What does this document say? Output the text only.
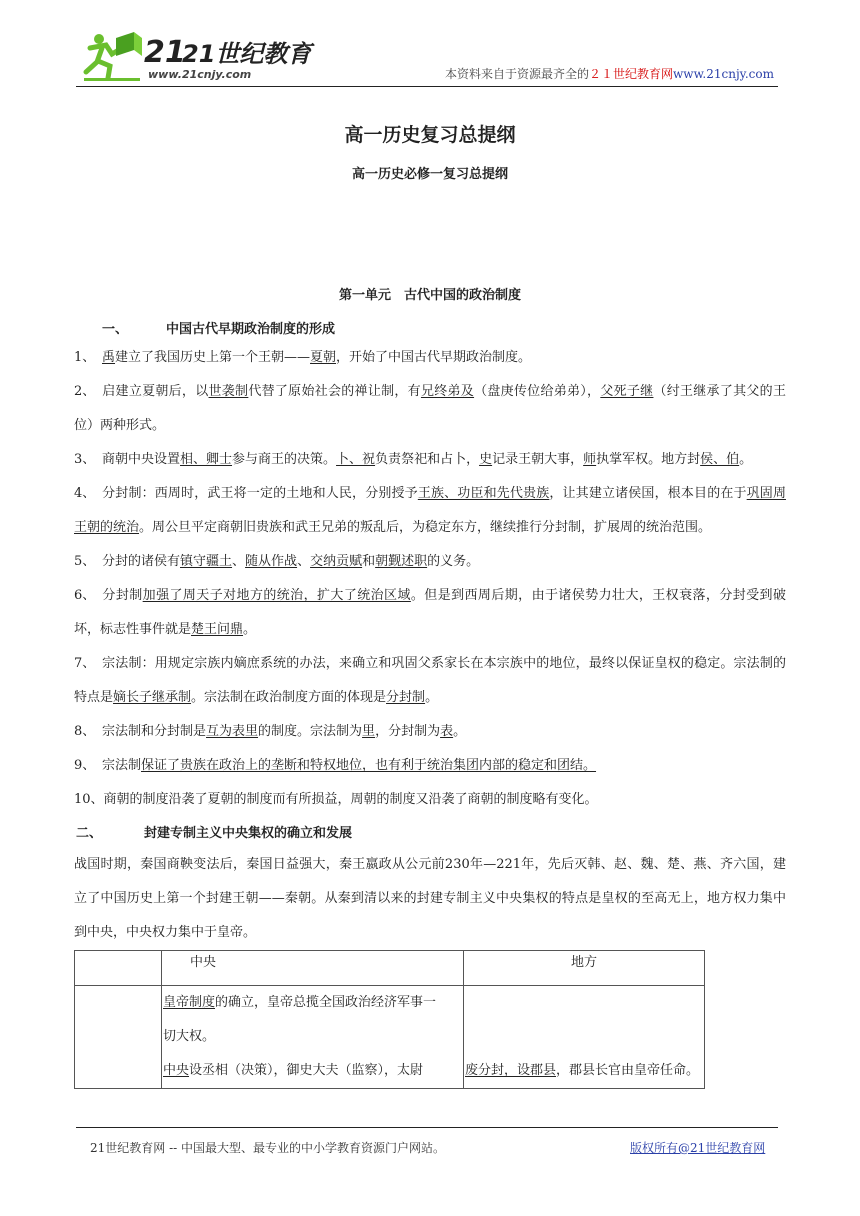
21
21世纪教育
www.21cnjy.com	本资料来自于资源最齐全的２１世纪教育网www.21cnjy.com
高一历史复习总提纲
高一历史必修一复习总提纲
第一单元　古代中国的政治制度
一、	中国古代早期政治制度的形成
1、 禹建立了我国历史上第一个王朝——夏朝，开始了中国古代早期政治制度。
2、 启建立夏朝后，以世袭制代替了原始社会的禅让制，有兄终弟及（盘庚传位给弟弟），父死子继（纣王继承了其父的王位）两种形式。
3、 商朝中央设置相、卿士参与商王的决策。卜、祝负责祭祀和占卜，史记录王朝大事，师执掌军权。地方封侯、伯。
4、 分封制：西周时，武王将一定的土地和人民，分别授予王族、功臣和先代贵族，让其建立诸侯国，根本目的在于巩固周王朝的统治。周公旦平定商朝旧贵族和武王兄弟的叛乱后，为稳定东方，继续推行分封制，扩展周的统治范围。
5、 分封的诸侯有镇守疆土、随从作战、交纳贡赋和朝觐述职的义务。
6、 分封制加强了周天子对地方的统治，扩大了统治区域。但是到西周后期，由于诸侯势力壮大，王权衰落，分封受到破坏，标志性事件就是楚王问鼎。
7、 宗法制：用规定宗族内嫡庶系统的办法，来确立和巩固父系家长在本宗族中的地位，最终以保证皇权的稳定。宗法制的特点是嫡长子继承制。宗法制在政治制度方面的体现是分封制。
8、 宗法制和分封制是互为表里的制度。宗法制为里，分封制为表。
9、 宗法制保证了贵族在政治上的垄断和特权地位，也有利于统治集团内部的稳定和团结。
10、商朝的制度沿袭了夏朝的制度而有所损益，周朝的制度又沿袭了商朝的制度略有变化。
二、	封建专制主义中央集权的确立和发展
战国时期，秦国商鞅变法后，秦国日益强大，秦王嬴政从公元前230年—221年，先后灭韩、赵、魏、楚、燕、齐六国，建立了中国历史上第一个封建王朝——秦朝。从秦到清以来的封建专制主义中央集权的特点是皇权的至高无上，地方权力集中到中央，中央权力集中于皇帝。
	中央	地方

	皇帝制度的确立，皇帝总揽全国政治经济军事一
切大权。
中央设丞相（决策），御史大夫（监察），太尉	废分封，设郡县，郡县长官由皇帝任命。
21世纪教育网 -- 中国最大型、最专业的中小学教育资源门户网站。	版权所有@21世纪教育网
